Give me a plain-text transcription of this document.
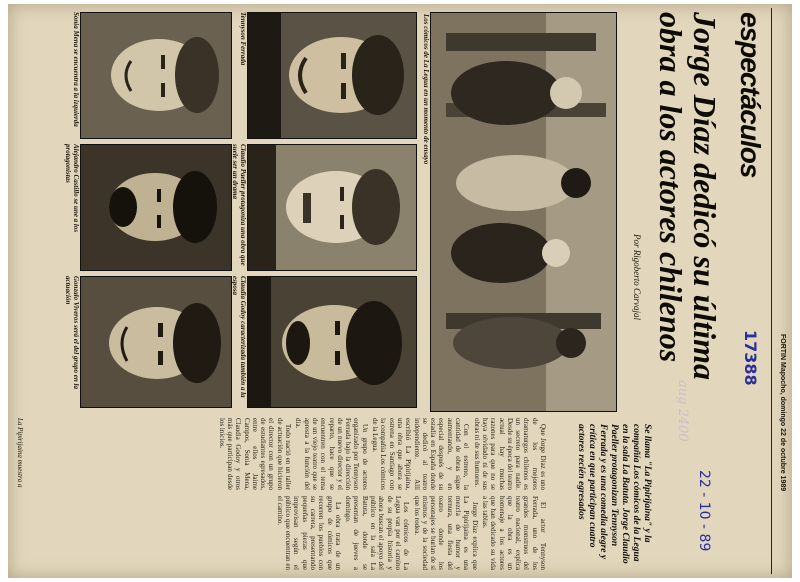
FORTIN Mapocho, domingo 22 de octubre 1989
espectáculos
Jorge Díaz dedicó su última obra a los actores chilenos
Por Rigoberto Carvajal
Se llama "La Pipirijaina" y la compañía Los cómicos de la Legua en la sala La Batuta. Jorge Claudio Paeller protagonizan Tennyson Ferrada y es una comedia alegre y crítica en que participan cuatro actores recién egresados
Los cómicos de La Legua en un momento de ensayo
Tennyson Ferrada
Claudio Paeller protagoniza una obra que suele ser un drama
Claudia Godoy caracterizada también a la esposa
Sonia Mena se encuentra a la izquierda
Alejandro Castillo se une a los protagonistas
Gonzalo Viveros será el del grupo en la actuación

Que Jorge Díaz es uno de los mejores dramaturgos chilenos es un secreto para nadie. Desde su época del teatro actual hay muchas razones para que no se haya olvidado ni de sus obras ni de sus humores.

Con el estreno, la cantidad de obras sigue aumentando, y en especial después de su estadía en España donde se dedicó al teatro independiente. Allí escribió La Pipirijaina, una obra que ahora se estrena en Santiago con la compañía Los cómicos de la Legua.

Un grupo de actores organizado por Tennyson Ferrada bajo la dirección de un nuevo director y el reparto, hace que se encuentren con el tema de un viejo teatro que se apresta a la función del día.

Todo nació en un taller de actuación que hicieron el director con un grupo de estudiantes egresados, entre ellos Jaime Campos, Sonia Mena, Claudia Godoy y otros más que participan desde los inicios.

El actor Tennyson Ferrada, uno de los grandes monstruos del teatro nacional, explica que la obra es un homenaje a los actores que han dedicado su vida a las tablas.

Jorge Díaz explica que La Pipirijaina es una mezcla de humor y ternura, una fiesta del teatro donde los personajes se burlan de sí mismos y de la sociedad que los rodea.

Los cómicos de La Legua van por el camino de su propia historia y ahora buscan el apoyo del público en la sala La Batuta, donde se presentan de jueves a domingo.

La obra trata de un grupo de cómicos que recorren los pueblos con su carreta, presentando pequeñas piezas que improvisan según el público que encuentran en el camino.

La Pipirijaina muestra a

22 - 10 - 89
17388
aug 2400
